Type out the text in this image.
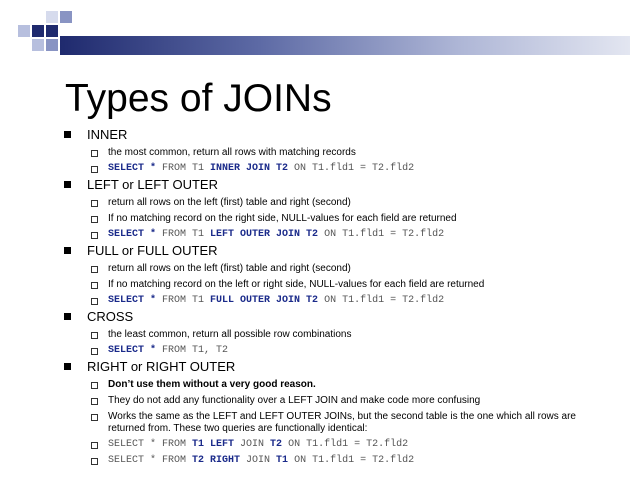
Types of JOINs
INNER
the most common, return all rows with matching records
SELECT * FROM T1 INNER JOIN T2 ON T1.fld1 = T2.fld2
LEFT or LEFT OUTER
return all rows on the left (first) table and right (second)
If no matching record on the right side, NULL-values for each field are returned
SELECT * FROM T1 LEFT OUTER JOIN T2 ON T1.fld1 = T2.fld2
FULL or FULL OUTER
return all rows on the left (first) table and right (second)
If no matching record on the left or right side, NULL-values for each field are returned
SELECT * FROM T1 FULL OUTER JOIN T2 ON T1.fld1 = T2.fld2
CROSS
the least common, return all possible row combinations
SELECT * FROM T1, T2
RIGHT or RIGHT OUTER
Don’t use them without a very good reason.
They do not add any functionality over a LEFT JOIN and make code more confusing
Works the same as the LEFT and LEFT OUTER JOINs, but the second table is the one which all rows are returned from. These two queries are functionally identical:
SELECT * FROM T1 LEFT JOIN T2 ON T1.fld1 = T2.fld2
SELECT * FROM T2 RIGHT JOIN T1 ON T1.fld1 = T2.fld2
